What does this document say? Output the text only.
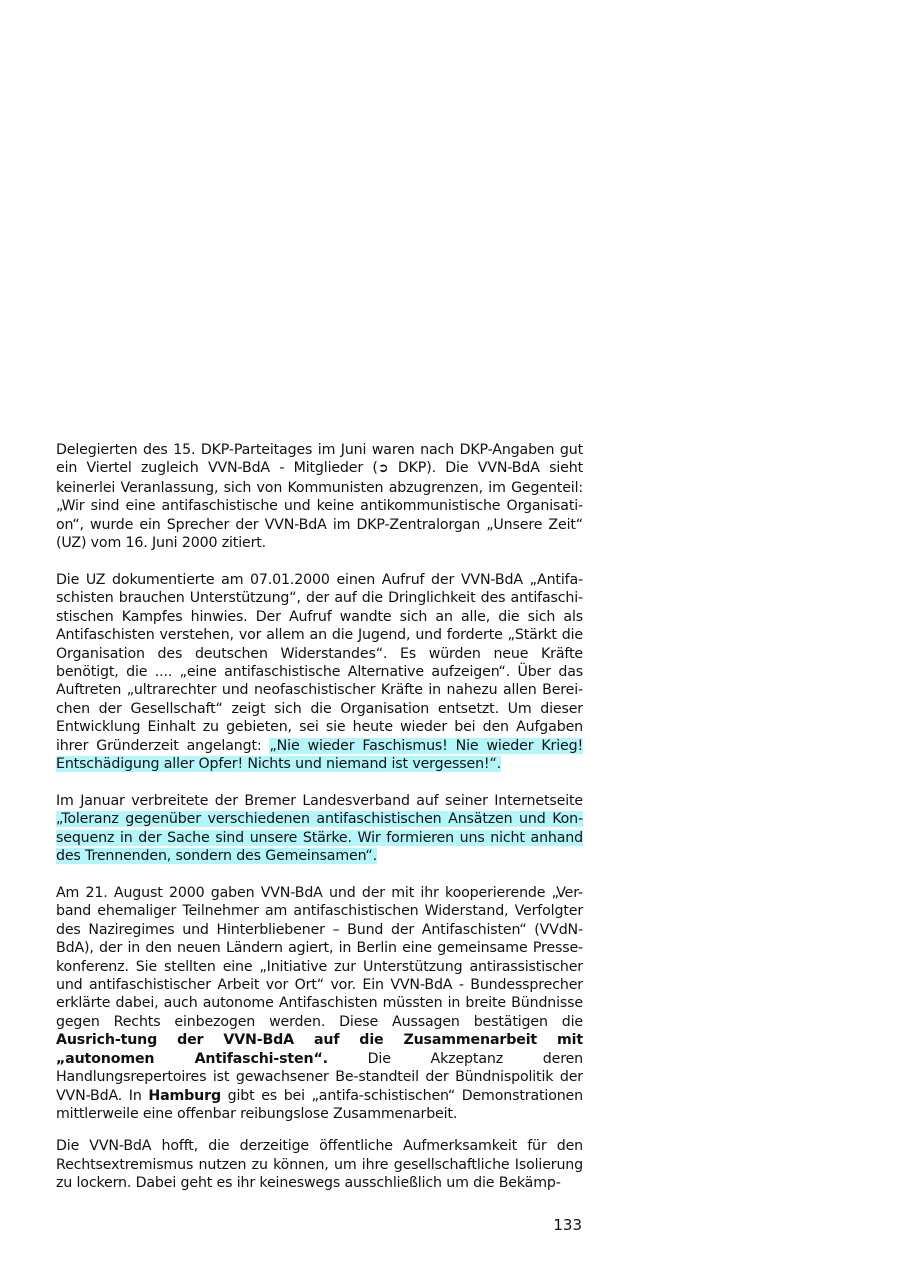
Delegierten des 15. DKP-Parteitages im Juni waren nach DKP-Angaben gut ein Viertel zugleich VVN-BdA - Mitglieder (➲ DKP). Die VVN-BdA sieht keinerlei Veranlassung, sich von Kommunisten abzugrenzen, im Gegenteil: „Wir sind eine antifaschistische und keine antikommunistische Organisati-on“, wurde ein Sprecher der VVN-BdA im DKP-Zentralorgan „Unsere Zeit“ (UZ) vom 16. Juni 2000 zitiert.

Die UZ dokumentierte am 07.01.2000 einen Aufruf der VVN-BdA „Antifa-schisten brauchen Unterstützung“, der auf die Dringlichkeit des antifaschi-stischen Kampfes hinwies. Der Aufruf wandte sich an alle, die sich als Antifaschisten verstehen, vor allem an die Jugend, und forderte „Stärkt die Organisation des deutschen Widerstandes“. Es würden neue Kräfte benötigt, die .... „eine antifaschistische Alternative aufzeigen“. Über das Auftreten „ultrarechter und neofaschistischer Kräfte in nahezu allen Berei-chen der Gesellschaft“ zeigt sich die Organisation entsetzt. Um dieser Entwicklung Einhalt zu gebieten, sei sie heute wieder bei den Aufgaben ihrer Gründerzeit angelangt: „Nie wieder Faschismus! Nie wieder Krieg! Entschädigung aller Opfer! Nichts und niemand ist vergessen!“.

Im Januar verbreitete der Bremer Landesverband auf seiner Internetseite „Toleranz gegenüber verschiedenen antifaschistischen Ansätzen und Kon-sequenz in der Sache sind unsere Stärke. Wir formieren uns nicht anhand des Trennenden, sondern des Gemeinsamen“.

Am 21. August 2000 gaben VVN-BdA und der mit ihr kooperierende „Ver-band ehemaliger Teilnehmer am antifaschistischen Widerstand, Verfolgter des Naziregimes und Hinterbliebener – Bund der Antifaschisten“ (VVdN-BdA), der in den neuen Ländern agiert, in Berlin eine gemeinsame Presse-konferenz. Sie stellten eine „Initiative zur Unterstützung antirassistischer und antifaschistischer Arbeit vor Ort“ vor. Ein VVN-BdA - Bundessprecher erklärte dabei, auch autonome Antifaschisten müssten in breite Bündnisse gegen Rechts einbezogen werden. Diese Aussagen bestätigen die Ausrich-tung der VVN-BdA auf die Zusammenarbeit mit „autonomen Antifaschi-sten“. Die Akzeptanz deren Handlungsrepertoires ist gewachsener Be-standteil der Bündnispolitik der VVN-BdA. In Hamburg gibt es bei „antifa-schistischen“ Demonstrationen mittlerweile eine offenbar reibungslose Zusammenarbeit.

Die VVN-BdA hofft, die derzeitige öffentliche Aufmerksamkeit für den Rechtsextremismus nutzen zu können, um ihre gesellschaftliche Isolierung zu lockern. Dabei geht es ihr keineswegs ausschließlich um die Bekämp-

133
